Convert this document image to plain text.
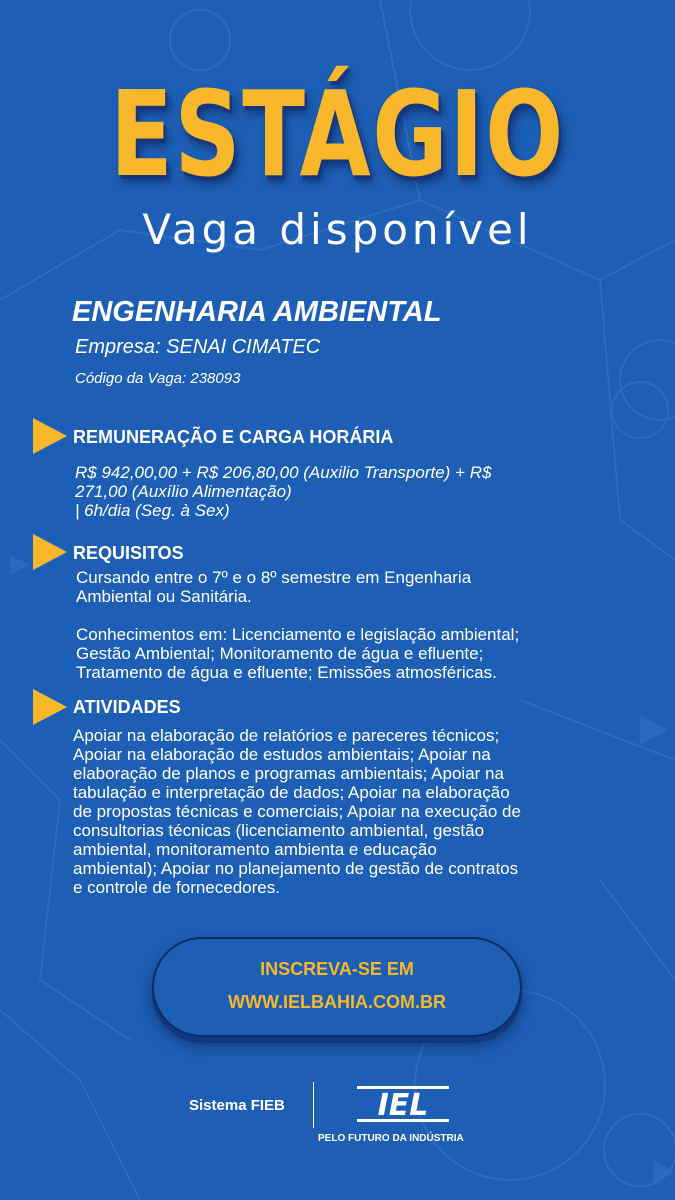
ESTÁGIO
Vaga disponível
ENGENHARIA AMBIENTAL
Empresa: SENAI CIMATEC
Código da Vaga: 238093
REMUNERAÇÃO E CARGA HORÁRIA
R$ 942,00,00 + R$ 206,80,00 (Auxilio Transporte) + R$
271,00 (Auxílio Alimentação)
| 6h/dia (Seg. à Sex)
REQUISITOS
Cursando entre o 7º e o 8º semestre em Engenharia
Ambiental ou Sanitária.
Conhecimentos em: Licenciamento e legislação ambiental;
Gestão Ambiental; Monitoramento de água e efluente;
Tratamento de água e efluente; Emissões atmosféricas.
ATIVIDADES
Apoiar na elaboração de relatórios e pareceres técnicos;
Apoiar na elaboração de estudos ambientais; Apoiar na
elaboração de planos e programas ambientais; Apoiar na
tabulação e interpretação de dados; Apoiar na elaboração
de propostas técnicas e comerciais; Apoiar na execução de
consultorias técnicas (licenciamento ambiental, gestão
ambiental, monitoramento ambienta e educação
ambiental); Apoiar no planejamento de gestão de contratos
e controle de fornecedores.
INSCREVA-SE EM
WWW.IELBAHIA.COM.BR
Sistema FIEB	IEL
PELO FUTURO DA INDÚSTRIA
